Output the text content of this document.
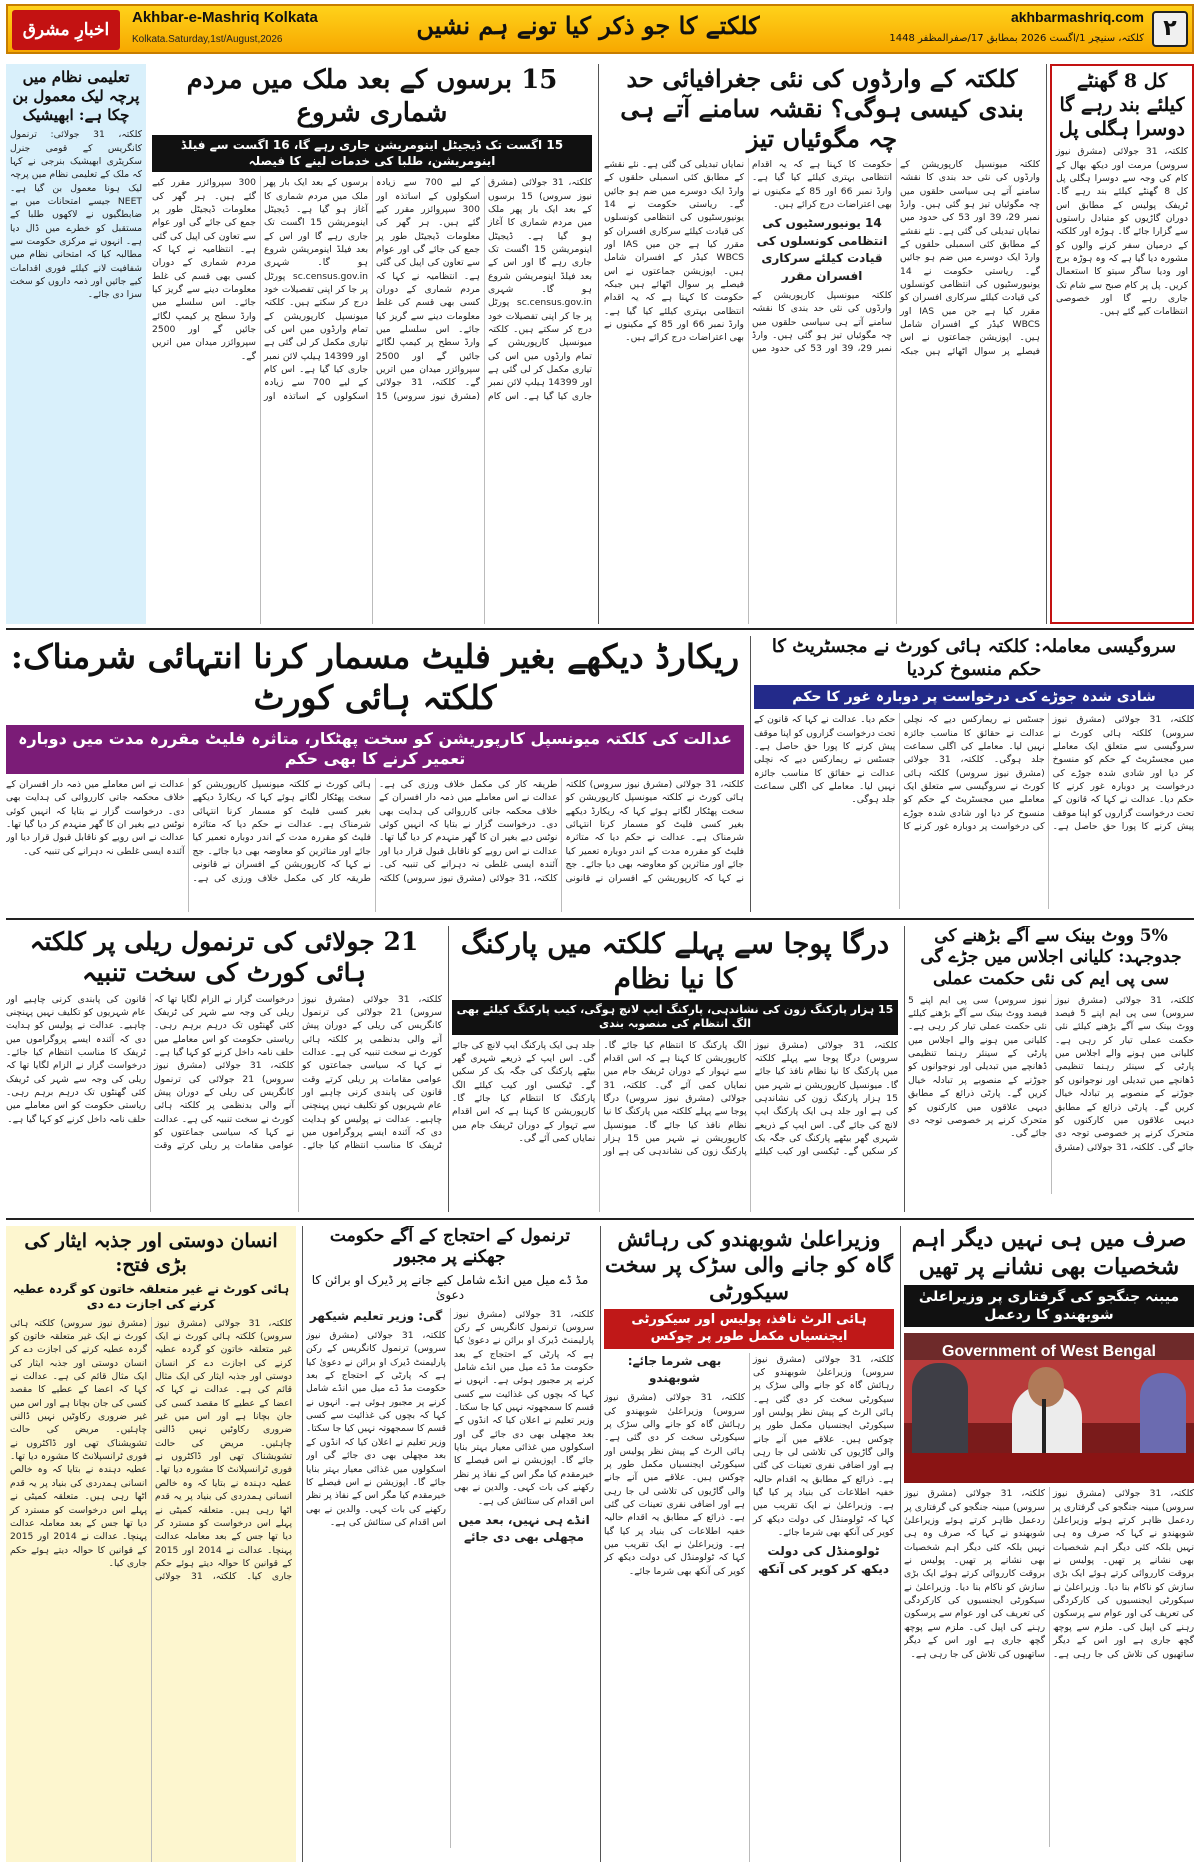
اخبارِ مشرق
Akhbar-e-Mashriq Kolkata
Kolkata.Saturday,1st/August,2026	کلکتے کا جو ذکر کیا تونے ہم نشیں	akhbarmashriq.com
کلکتہ، سنیچر 1/اگست 2026 بمطابق 17/صفرالمظفر 1448 ۲
کل 8 گھنٹے کیلئے بند رہے گا دوسرا ہگلی پل
کلکتہ، 31 جولائی (مشرق نیوز سروس) مرمت اور دیکھ بھال کے کام کی وجہ سے دوسرا ہگلی پل کل 8 گھنٹے کیلئے بند رہے گا۔ ٹریفک پولیس کے مطابق اس دوران گاڑیوں کو متبادل راستوں سے گزارا جائے گا۔ ہوڑہ اور کلکتہ کے درمیان سفر کرنے والوں کو مشورہ دیا گیا ہے کہ وہ ہوڑہ برج اور ودیا ساگر سیتو کا استعمال کریں۔ پل پر کام صبح سے شام تک جاری رہے گا اور خصوصی انتظامات کیے گئے ہیں۔
کلکتہ کے وارڈوں کی نئی جغرافیائی حد بندی کیسی ہوگی؟ نقشہ سامنے آتے ہی چہ مگوئیاں تیز
کلکتہ میونسپل کارپوریشن کے وارڈوں کی نئی حد بندی کا نقشہ سامنے آتے ہی سیاسی حلقوں میں چہ مگوئیاں تیز ہو گئی ہیں۔ وارڈ نمبر 29، 39 اور 53 کی حدود میں نمایاں تبدیلی کی گئی ہے۔ نئے نقشے کے مطابق کئی اسمبلی حلقوں کے وارڈ ایک دوسرے میں ضم ہو جائیں گے۔ ریاستی حکومت نے 14 یونیورسٹیوں کی انتظامی کونسلوں کی قیادت کیلئے سرکاری افسران کو مقرر کیا ہے جن میں IAS اور WBCS کیڈر کے افسران شامل ہیں۔ اپوزیشن جماعتوں نے اس فیصلے پر سوال اٹھائے ہیں جبکہ حکومت کا کہنا ہے کہ یہ اقدام انتظامی بہتری کیلئے کیا گیا ہے۔ وارڈ نمبر 66 اور 85 کے مکینوں نے بھی اعتراضات درج کرائے ہیں۔
14 یونیورسٹیوں کی انتظامی کونسلوں کی قیادت کیلئے سرکاری افسران مقرر
کلکتہ میونسپل کارپوریشن کے وارڈوں کی نئی حد بندی کا نقشہ سامنے آتے ہی سیاسی حلقوں میں چہ مگوئیاں تیز ہو گئی ہیں۔ وارڈ نمبر 29، 39 اور 53 کی حدود میں نمایاں تبدیلی کی گئی ہے۔ نئے نقشے کے مطابق کئی اسمبلی حلقوں کے وارڈ ایک دوسرے میں ضم ہو جائیں گے۔ ریاستی حکومت نے 14 یونیورسٹیوں کی انتظامی کونسلوں کی قیادت کیلئے سرکاری افسران کو مقرر کیا ہے جن میں IAS اور WBCS کیڈر کے افسران شامل ہیں۔ اپوزیشن جماعتوں نے اس فیصلے پر سوال اٹھائے ہیں جبکہ حکومت کا کہنا ہے کہ یہ اقدام انتظامی بہتری کیلئے کیا گیا ہے۔ وارڈ نمبر 66 اور 85 کے مکینوں نے بھی اعتراضات درج کرائے ہیں۔
15 برسوں کے بعد ملک میں مردم شماری شروع
15 اگست تک ڈیجیٹل اینومریشن جاری رہے گا، 16 اگست سے فیلڈ اینومریشن، طلبا کی خدمات لینے کا فیصلہ
کلکتہ، 31 جولائی (مشرق نیوز سروس) 15 برسوں کے بعد ایک بار پھر ملک میں مردم شماری کا آغاز ہو گیا ہے۔ ڈیجیٹل اینومریشن 15 اگست تک جاری رہے گا اور اس کے بعد فیلڈ اینومریشن شروع ہو گا۔ شہری sc.census.gov.in پورٹل پر جا کر اپنی تفصیلات خود درج کر سکتے ہیں۔ کلکتہ میونسپل کارپوریشن کے تمام وارڈوں میں اس کی تیاری مکمل کر لی گئی ہے اور 14399 ہیلپ لائن نمبر جاری کیا گیا ہے۔ اس کام کے لیے 700 سے زیادہ اسکولوں کے اساتذہ اور 300 سپروائزر مقرر کیے گئے ہیں۔ ہر گھر کی معلومات ڈیجیٹل طور پر جمع کی جائے گی اور عوام سے تعاون کی اپیل کی گئی ہے۔ انتظامیہ نے کہا کہ مردم شماری کے دوران کسی بھی قسم کی غلط معلومات دینے سے گریز کیا جائے۔ اس سلسلے میں وارڈ سطح پر کیمپ لگائے جائیں گے اور 2500 سپروائزر میدان میں اتریں گے۔ کلکتہ، 31 جولائی (مشرق نیوز سروس) 15 برسوں کے بعد ایک بار پھر ملک میں مردم شماری کا آغاز ہو گیا ہے۔ ڈیجیٹل اینومریشن 15 اگست تک جاری رہے گا اور اس کے بعد فیلڈ اینومریشن شروع ہو گا۔ شہری sc.census.gov.in پورٹل پر جا کر اپنی تفصیلات خود درج کر سکتے ہیں۔ کلکتہ میونسپل کارپوریشن کے تمام وارڈوں میں اس کی تیاری مکمل کر لی گئی ہے اور 14399 ہیلپ لائن نمبر جاری کیا گیا ہے۔ اس کام کے لیے 700 سے زیادہ اسکولوں کے اساتذہ اور 300 سپروائزر مقرر کیے گئے ہیں۔ ہر گھر کی معلومات ڈیجیٹل طور پر جمع کی جائے گی اور عوام سے تعاون کی اپیل کی گئی ہے۔ انتظامیہ نے کہا کہ مردم شماری کے دوران کسی بھی قسم کی غلط معلومات دینے سے گریز کیا جائے۔ اس سلسلے میں وارڈ سطح پر کیمپ لگائے جائیں گے اور 2500 سپروائزر میدان میں اتریں گے۔
تعلیمی نظام میں پرچہ لیک معمول بن چکا ہے: ابھیشیک
کلکتہ، 31 جولائی: ترنمول کانگریس کے قومی جنرل سکریٹری ابھیشیک بنرجی نے کہا کہ ملک کے تعلیمی نظام میں پرچہ لیک ہونا معمول بن گیا ہے۔ NEET جیسے امتحانات میں بے ضابطگیوں نے لاکھوں طلبا کے مستقبل کو خطرے میں ڈال دیا ہے۔ انہوں نے مرکزی حکومت سے مطالبہ کیا کہ امتحانی نظام میں شفافیت لانے کیلئے فوری اقدامات کیے جائیں اور ذمہ داروں کو سخت سزا دی جائے۔
سروگیسی معاملہ: کلکتہ ہائی کورٹ نے مجسٹریٹ کا حکم منسوخ کردیا
شادی شدہ جوڑے کی درخواست پر دوبارہ غور کا حکم
کلکتہ، 31 جولائی (مشرق نیوز سروس) کلکتہ ہائی کورٹ نے سروگیسی سے متعلق ایک معاملے میں مجسٹریٹ کے حکم کو منسوخ کر دیا اور شادی شدہ جوڑے کی درخواست پر دوبارہ غور کرنے کا حکم دیا۔ عدالت نے کہا کہ قانون کے تحت درخواست گزاروں کو اپنا موقف پیش کرنے کا پورا حق حاصل ہے۔ جسٹس نے ریمارکس دیے کہ نچلی عدالت نے حقائق کا مناسب جائزہ نہیں لیا۔ معاملے کی اگلی سماعت جلد ہوگی۔ کلکتہ، 31 جولائی (مشرق نیوز سروس) کلکتہ ہائی کورٹ نے سروگیسی سے متعلق ایک معاملے میں مجسٹریٹ کے حکم کو منسوخ کر دیا اور شادی شدہ جوڑے کی درخواست پر دوبارہ غور کرنے کا حکم دیا۔ عدالت نے کہا کہ قانون کے تحت درخواست گزاروں کو اپنا موقف پیش کرنے کا پورا حق حاصل ہے۔ جسٹس نے ریمارکس دیے کہ نچلی عدالت نے حقائق کا مناسب جائزہ نہیں لیا۔ معاملے کی اگلی سماعت جلد ہوگی۔
ریکارڈ دیکھے بغیر فلیٹ مسمار کرنا انتہائی شرمناک: کلکتہ ہائی کورٹ
عدالت کی کلکتہ میونسپل کارپوریشن کو سخت پھٹکار، متاثرہ فلیٹ مقررہ مدت میں دوبارہ تعمیر کرنے کا بھی حکم
کلکتہ، 31 جولائی (مشرق نیوز سروس) کلکتہ ہائی کورٹ نے کلکتہ میونسپل کارپوریشن کو سخت پھٹکار لگاتے ہوئے کہا کہ ریکارڈ دیکھے بغیر کسی فلیٹ کو مسمار کرنا انتہائی شرمناک ہے۔ عدالت نے حکم دیا کہ متاثرہ فلیٹ کو مقررہ مدت کے اندر دوبارہ تعمیر کیا جائے اور متاثرین کو معاوضہ بھی دیا جائے۔ جج نے کہا کہ کارپوریشن کے افسران نے قانونی طریقہ کار کی مکمل خلاف ورزی کی ہے۔ عدالت نے اس معاملے میں ذمہ دار افسران کے خلاف محکمہ جاتی کارروائی کی ہدایت بھی دی۔ درخواست گزار نے بتایا کہ انہیں کوئی نوٹس دیے بغیر ان کا گھر منہدم کر دیا گیا تھا۔ عدالت نے اس رویے کو ناقابل قبول قرار دیا اور آئندہ ایسی غلطی نہ دہرانے کی تنبیہ کی۔ کلکتہ، 31 جولائی (مشرق نیوز سروس) کلکتہ ہائی کورٹ نے کلکتہ میونسپل کارپوریشن کو سخت پھٹکار لگاتے ہوئے کہا کہ ریکارڈ دیکھے بغیر کسی فلیٹ کو مسمار کرنا انتہائی شرمناک ہے۔ عدالت نے حکم دیا کہ متاثرہ فلیٹ کو مقررہ مدت کے اندر دوبارہ تعمیر کیا جائے اور متاثرین کو معاوضہ بھی دیا جائے۔ جج نے کہا کہ کارپوریشن کے افسران نے قانونی طریقہ کار کی مکمل خلاف ورزی کی ہے۔ عدالت نے اس معاملے میں ذمہ دار افسران کے خلاف محکمہ جاتی کارروائی کی ہدایت بھی دی۔ درخواست گزار نے بتایا کہ انہیں کوئی نوٹس دیے بغیر ان کا گھر منہدم کر دیا گیا تھا۔ عدالت نے اس رویے کو ناقابل قبول قرار دیا اور آئندہ ایسی غلطی نہ دہرانے کی تنبیہ کی۔
5% ووٹ بینک سے آگے بڑھنے کی جدوجہد: کلیانی اجلاس میں جڑے گی سی پی ایم کی نئی حکمت عملی
کلکتہ، 31 جولائی (مشرق نیوز سروس) سی پی ایم اپنے 5 فیصد ووٹ بینک سے آگے بڑھنے کیلئے نئی حکمت عملی تیار کر رہی ہے۔ کلیانی میں ہونے والے اجلاس میں پارٹی کے سینئر رہنما تنظیمی ڈھانچے میں تبدیلی اور نوجوانوں کو جوڑنے کے منصوبے پر تبادلہ خیال کریں گے۔ پارٹی ذرائع کے مطابق دیہی علاقوں میں کارکنوں کو متحرک کرنے پر خصوصی توجہ دی جائے گی۔ کلکتہ، 31 جولائی (مشرق نیوز سروس) سی پی ایم اپنے 5 فیصد ووٹ بینک سے آگے بڑھنے کیلئے نئی حکمت عملی تیار کر رہی ہے۔ کلیانی میں ہونے والے اجلاس میں پارٹی کے سینئر رہنما تنظیمی ڈھانچے میں تبدیلی اور نوجوانوں کو جوڑنے کے منصوبے پر تبادلہ خیال کریں گے۔ پارٹی ذرائع کے مطابق دیہی علاقوں میں کارکنوں کو متحرک کرنے پر خصوصی توجہ دی جائے گی۔
درگا پوجا سے پہلے کلکتہ میں پارکنگ کا نیا نظام
15 ہزار پارکنگ زون کی نشاندہی، پارکنگ ایپ لانچ ہوگی، کیب پارکنگ کیلئے بھی الگ انتظام کی منصوبہ بندی
کلکتہ، 31 جولائی (مشرق نیوز سروس) درگا پوجا سے پہلے کلکتہ میں پارکنگ کا نیا نظام نافذ کیا جائے گا۔ میونسپل کارپوریشن نے شہر میں 15 ہزار پارکنگ زون کی نشاندہی کی ہے اور جلد ہی ایک پارکنگ ایپ لانچ کی جائے گی۔ اس ایپ کے ذریعے شہری گھر بیٹھے پارکنگ کی جگہ بک کر سکیں گے۔ ٹیکسی اور کیب کیلئے الگ پارکنگ کا انتظام کیا جائے گا۔ کارپوریشن کا کہنا ہے کہ اس اقدام سے تہوار کے دوران ٹریفک جام میں نمایاں کمی آئے گی۔ کلکتہ، 31 جولائی (مشرق نیوز سروس) درگا پوجا سے پہلے کلکتہ میں پارکنگ کا نیا نظام نافذ کیا جائے گا۔ میونسپل کارپوریشن نے شہر میں 15 ہزار پارکنگ زون کی نشاندہی کی ہے اور جلد ہی ایک پارکنگ ایپ لانچ کی جائے گی۔ اس ایپ کے ذریعے شہری گھر بیٹھے پارکنگ کی جگہ بک کر سکیں گے۔ ٹیکسی اور کیب کیلئے الگ پارکنگ کا انتظام کیا جائے گا۔ کارپوریشن کا کہنا ہے کہ اس اقدام سے تہوار کے دوران ٹریفک جام میں نمایاں کمی آئے گی۔
21 جولائی کی ترنمول ریلی پر کلکتہ ہائی کورٹ کی سخت تنبیہ
کلکتہ، 31 جولائی (مشرق نیوز سروس) 21 جولائی کی ترنمول کانگریس کی ریلی کے دوران پیش آنے والی بدنظمی پر کلکتہ ہائی کورٹ نے سخت تنبیہ کی ہے۔ عدالت نے کہا کہ سیاسی جماعتوں کو عوامی مقامات پر ریلی کرتے وقت قانون کی پابندی کرنی چاہیے اور عام شہریوں کو تکلیف نہیں پہنچنی چاہیے۔ عدالت نے پولیس کو ہدایت دی کہ آئندہ ایسے پروگراموں میں ٹریفک کا مناسب انتظام کیا جائے۔ درخواست گزار نے الزام لگایا تھا کہ ریلی کی وجہ سے شہر کی ٹریفک کئی گھنٹوں تک درہم برہم رہی۔ ریاستی حکومت کو اس معاملے میں حلف نامہ داخل کرنے کو کہا گیا ہے۔ کلکتہ، 31 جولائی (مشرق نیوز سروس) 21 جولائی کی ترنمول کانگریس کی ریلی کے دوران پیش آنے والی بدنظمی پر کلکتہ ہائی کورٹ نے سخت تنبیہ کی ہے۔ عدالت نے کہا کہ سیاسی جماعتوں کو عوامی مقامات پر ریلی کرتے وقت قانون کی پابندی کرنی چاہیے اور عام شہریوں کو تکلیف نہیں پہنچنی چاہیے۔ عدالت نے پولیس کو ہدایت دی کہ آئندہ ایسے پروگراموں میں ٹریفک کا مناسب انتظام کیا جائے۔ درخواست گزار نے الزام لگایا تھا کہ ریلی کی وجہ سے شہر کی ٹریفک کئی گھنٹوں تک درہم برہم رہی۔ ریاستی حکومت کو اس معاملے میں حلف نامہ داخل کرنے کو کہا گیا ہے۔
صرف میں ہی نہیں دیگر اہم شخصیات بھی نشانے پر تھیں
میبنہ جنگجو کی گرفتاری پر وزیراعلیٰ شوبھندو کا ردعمل
Government of West Bengal
کلکتہ، 31 جولائی (مشرق نیوز سروس) مبینہ جنگجو کی گرفتاری پر ردعمل ظاہر کرتے ہوئے وزیراعلیٰ شوبھندو نے کہا کہ صرف وہ ہی نہیں بلکہ کئی دیگر اہم شخصیات بھی نشانے پر تھیں۔ پولیس نے بروقت کارروائی کرتے ہوئے ایک بڑی سازش کو ناکام بنا دیا۔ وزیراعلیٰ نے سیکورٹی ایجنسیوں کی کارکردگی کی تعریف کی اور عوام سے پرسکون رہنے کی اپیل کی۔ ملزم سے پوچھ گچھ جاری ہے اور اس کے دیگر ساتھیوں کی تلاش کی جا رہی ہے۔ کلکتہ، 31 جولائی (مشرق نیوز سروس) مبینہ جنگجو کی گرفتاری پر ردعمل ظاہر کرتے ہوئے وزیراعلیٰ شوبھندو نے کہا کہ صرف وہ ہی نہیں بلکہ کئی دیگر اہم شخصیات بھی نشانے پر تھیں۔ پولیس نے بروقت کارروائی کرتے ہوئے ایک بڑی سازش کو ناکام بنا دیا۔ وزیراعلیٰ نے سیکورٹی ایجنسیوں کی کارکردگی کی تعریف کی اور عوام سے پرسکون رہنے کی اپیل کی۔ ملزم سے پوچھ گچھ جاری ہے اور اس کے دیگر ساتھیوں کی تلاش کی جا رہی ہے۔
وزیراعلیٰ شوبھندو کی رہائش گاہ کو جانے والی سڑک پر سخت سیکورٹی
ہائی الرٹ نافذ، پولیس اور سیکورٹی ایجنسیاں مکمل طور پر چوکس
کلکتہ، 31 جولائی (مشرق نیوز سروس) وزیراعلیٰ شوبھندو کی رہائش گاہ کو جانے والی سڑک پر سیکورٹی سخت کر دی گئی ہے۔ ہائی الرٹ کے پیش نظر پولیس اور سیکورٹی ایجنسیاں مکمل طور پر چوکس ہیں۔ علاقے میں آنے جانے والی گاڑیوں کی تلاشی لی جا رہی ہے اور اضافی نفری تعینات کی گئی ہے۔ ذرائع کے مطابق یہ اقدام حالیہ خفیہ اطلاعات کی بنیاد پر کیا گیا ہے۔ وزیراعلیٰ نے ایک تقریب میں کہا کہ ٹولومنڈل کی دولت دیکھ کر کویر کی آنکھ بھی شرما جائے۔
ٹولومنڈل کی دولت دیکھ کر کویر کی آنکھ بھی شرما جائے: شوبھندو
کلکتہ، 31 جولائی (مشرق نیوز سروس) وزیراعلیٰ شوبھندو کی رہائش گاہ کو جانے والی سڑک پر سیکورٹی سخت کر دی گئی ہے۔ ہائی الرٹ کے پیش نظر پولیس اور سیکورٹی ایجنسیاں مکمل طور پر چوکس ہیں۔ علاقے میں آنے جانے والی گاڑیوں کی تلاشی لی جا رہی ہے اور اضافی نفری تعینات کی گئی ہے۔ ذرائع کے مطابق یہ اقدام حالیہ خفیہ اطلاعات کی بنیاد پر کیا گیا ہے۔ وزیراعلیٰ نے ایک تقریب میں کہا کہ ٹولومنڈل کی دولت دیکھ کر کویر کی آنکھ بھی شرما جائے۔
ترنمول کے احتجاج کے آگے حکومت جھکنے پر مجبور
مڈ ڈے میل میں انڈے شامل کیے جانے پر ڈیرک او برائن کا دعویٰ
کلکتہ، 31 جولائی (مشرق نیوز سروس) ترنمول کانگریس کے رکن پارلیمنٹ ڈیرک او برائن نے دعویٰ کیا ہے کہ پارٹی کے احتجاج کے بعد حکومت مڈ ڈے میل میں انڈے شامل کرنے پر مجبور ہوئی ہے۔ انہوں نے کہا کہ بچوں کی غذائیت سے کسی قسم کا سمجھوتہ نہیں کیا جا سکتا۔ وزیر تعلیم نے اعلان کیا کہ انڈوں کے بعد مچھلی بھی دی جائے گی اور اسکولوں میں غذائی معیار بہتر بنایا جائے گا۔ اپوزیشن نے اس فیصلے کا خیرمقدم کیا مگر اس کے نفاذ پر نظر رکھنے کی بات کہی۔ والدین نے بھی اس اقدام کی ستائش کی ہے۔
انڈے ہی نہیں، بعد میں مچھلی بھی دی جائے گی: وزیر تعلیم شیکھر
کلکتہ، 31 جولائی (مشرق نیوز سروس) ترنمول کانگریس کے رکن پارلیمنٹ ڈیرک او برائن نے دعویٰ کیا ہے کہ پارٹی کے احتجاج کے بعد حکومت مڈ ڈے میل میں انڈے شامل کرنے پر مجبور ہوئی ہے۔ انہوں نے کہا کہ بچوں کی غذائیت سے کسی قسم کا سمجھوتہ نہیں کیا جا سکتا۔ وزیر تعلیم نے اعلان کیا کہ انڈوں کے بعد مچھلی بھی دی جائے گی اور اسکولوں میں غذائی معیار بہتر بنایا جائے گا۔ اپوزیشن نے اس فیصلے کا خیرمقدم کیا مگر اس کے نفاذ پر نظر رکھنے کی بات کہی۔ والدین نے بھی اس اقدام کی ستائش کی ہے۔
انسان دوستی اور جذبہ ایثار کی بڑی فتح:
ہائی کورٹ نے غیر متعلقہ خاتون کو گردہ عطیہ کرنے کی اجازت دے دی
کلکتہ، 31 جولائی (مشرق نیوز سروس) کلکتہ ہائی کورٹ نے ایک غیر متعلقہ خاتون کو گردہ عطیہ کرنے کی اجازت دے کر انسان دوستی اور جذبہ ایثار کی ایک مثال قائم کی ہے۔ عدالت نے کہا کہ اعضا کے عطیے کا مقصد کسی کی جان بچانا ہے اور اس میں غیر ضروری رکاوٹیں نہیں ڈالنی چاہئیں۔ مریض کی حالت تشویشناک تھی اور ڈاکٹروں نے فوری ٹرانسپلانٹ کا مشورہ دیا تھا۔ عطیہ دہندہ نے بتایا کہ وہ خالص انسانی ہمدردی کی بنیاد پر یہ قدم اٹھا رہی ہیں۔ متعلقہ کمیٹی نے پہلے اس درخواست کو مسترد کر دیا تھا جس کے بعد معاملہ عدالت پہنچا۔ عدالت نے 2014 اور 2015 کے قوانین کا حوالہ دیتے ہوئے حکم جاری کیا۔ کلکتہ، 31 جولائی (مشرق نیوز سروس) کلکتہ ہائی کورٹ نے ایک غیر متعلقہ خاتون کو گردہ عطیہ کرنے کی اجازت دے کر انسان دوستی اور جذبہ ایثار کی ایک مثال قائم کی ہے۔ عدالت نے کہا کہ اعضا کے عطیے کا مقصد کسی کی جان بچانا ہے اور اس میں غیر ضروری رکاوٹیں نہیں ڈالنی چاہئیں۔ مریض کی حالت تشویشناک تھی اور ڈاکٹروں نے فوری ٹرانسپلانٹ کا مشورہ دیا تھا۔ عطیہ دہندہ نے بتایا کہ وہ خالص انسانی ہمدردی کی بنیاد پر یہ قدم اٹھا رہی ہیں۔ متعلقہ کمیٹی نے پہلے اس درخواست کو مسترد کر دیا تھا جس کے بعد معاملہ عدالت پہنچا۔ عدالت نے 2014 اور 2015 کے قوانین کا حوالہ دیتے ہوئے حکم جاری کیا۔
